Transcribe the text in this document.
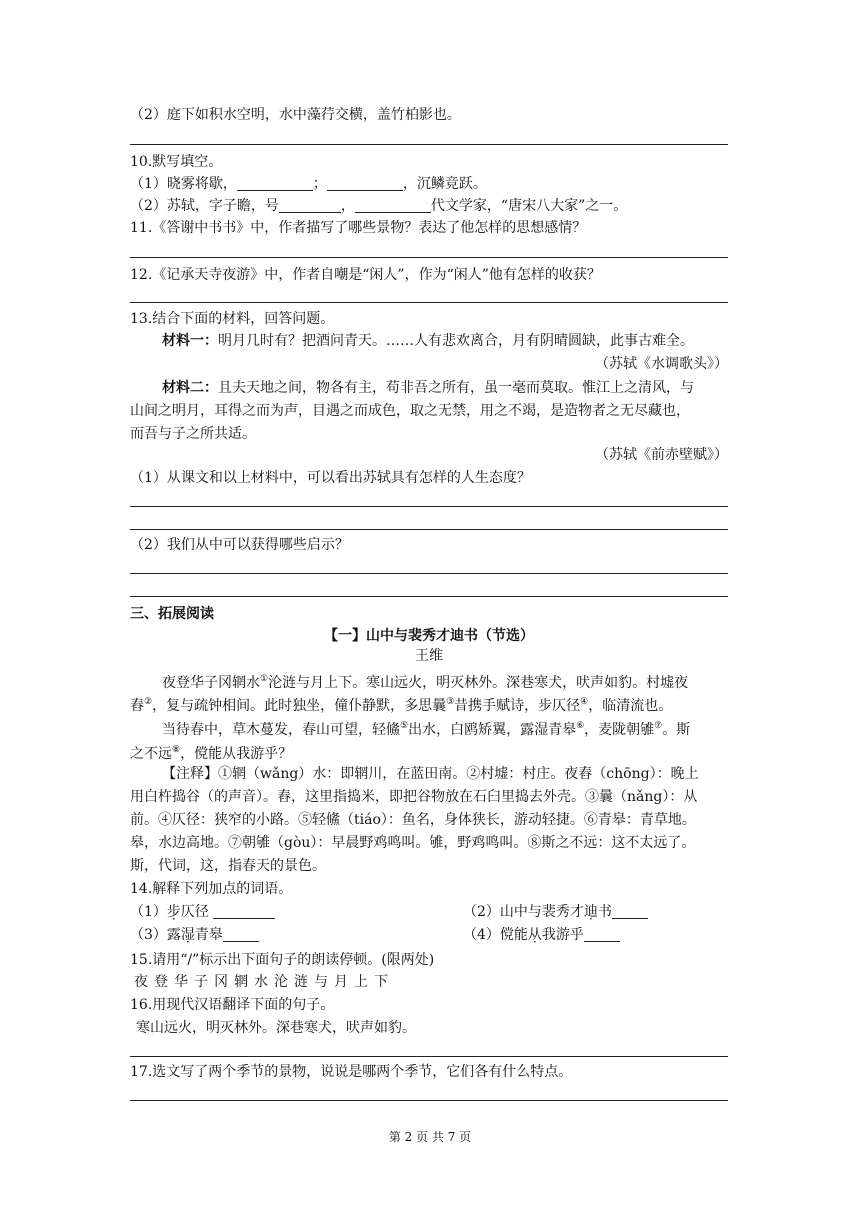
（2）庭下如积水空明，水中藻荇交横，盖竹柏影也。
10.默写填空。
（1）晓雾将歇，	；	，沉鳞竞跃。
（2）苏轼，字子瞻，号	，	代文学家，“唐宋八大家”之一。
11.《答谢中书书》中，作者描写了哪些景物？表达了他怎样的思想感情？
12.《记承天寺夜游》中，作者自嘲是“闲人”，作为“闲人”他有怎样的收获？
13.结合下面的材料，回答问题。
材料一：明月几时有？把酒问青天。……人有悲欢离合，月有阴晴圆缺，此事古难全。
（苏轼《水调歌头》）
材料二：且夫天地之间，物各有主，苟非吾之所有，虽一毫而莫取。惟江上之清风，与
山间之明月，耳得之而为声，目遇之而成色，取之无禁，用之不竭，是造物者之无尽藏也，
而吾与子之所共适。
（苏轼《前赤壁赋》）
（1）从课文和以上材料中，可以看出苏轼具有怎样的人生态度？
（2）我们从中可以获得哪些启示？
三、拓展阅读
【一】山中与裴秀才迪书（节选）
王维
夜登华子冈辋水①沦涟与月上下。寒山远火，明灭林外。深巷寒犬，吠声如豹。村墟夜
舂②，复与疏钟相间。此时独坐，僮仆静默，多思曩③昔携手赋诗，步仄径④，临清流也。
当待春中，草木蔓发，春山可望，轻鯈⑤出水，白鸥矫翼，露湿青皋⑥，麦陇朝雊⑦。斯
之不远⑧，傥能从我游乎？
【注释】①辋（wǎng）水：即辋川，在蓝田南。②村墟：村庄。夜舂（chōng）：晚上
用白杵捣谷（的声音）。舂，这里指捣米，即把谷物放在石臼里捣去外壳。③曩（nǎng）：从
前。④仄径：狭窄的小路。⑤轻鯈（tiáo）：鱼名，身体狭长，游动轻捷。⑥青皋：青草地。
皋，水边高地。⑦朝雊（gòu）：早晨野鸡鸣叫。雊，野鸡鸣叫。⑧斯之不远：这不太远了。
斯，代词，这，指春天的景色。
14.解释下列加点的词语。
（1）步仄径	（2）山中与裴秀才迪书
（3）露湿青皋	（4）傥能从我游乎
15.请用“/”标示出下面句子的朗读停顿。(限两处)
夜登华子冈辋水沦涟与月上下
16.用现代汉语翻译下面的句子。
寒山远火，明灭林外。深巷寒犬，吠声如豹。
17.选文写了两个季节的景物，说说是哪两个季节，它们各有什么特点。
第 2 页 共 7 页
